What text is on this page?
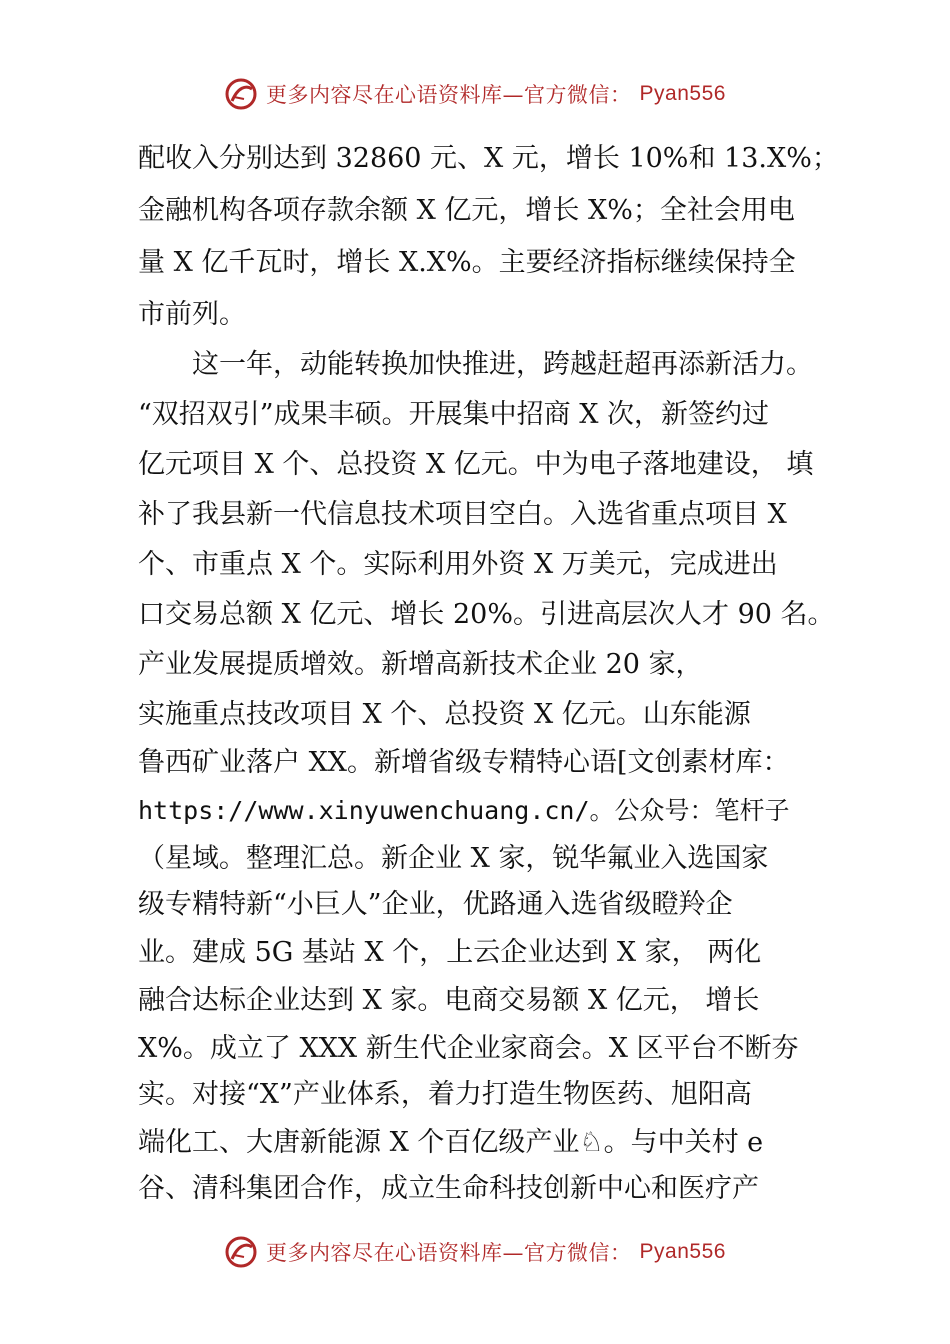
更多内容尽在心语资料库—官方微信： Pyan556
配收入分别达到 32860 元、X 元，增长 10%和 13.X%；
金融机构各项存款余额 X 亿元，增长 X%；全社会用电
量 X 亿千瓦时，增长 X.X%。主要经济指标继续保持全
市前列。
这一年，动能转换加快推进，跨越赶超再添新活力。
“双招双引”成果丰硕。开展集中招商 X 次，新签约过
亿元项目 X 个、总投资 X 亿元。中为电子落地建设， 填
补了我县新一代信息技术项目空白。入选省重点项目 X
个、市重点 X 个。实际利用外资 X 万美元，完成进出
口交易总额 X 亿元、增长 20%。引进高层次人才 90 名。
产业发展提质增效。新增高新技术企业 20 家，
实施重点技改项目 X 个、总投资 X 亿元。山东能源
鲁西矿业落户 XX。新增省级专精特心语[文创素材库：
https://www.xinyuwenchuang.cn/。公众号：笔杆子
（星域。整理汇总。新企业 X 家，锐华氟业入选国家
级专精特新“小巨人”企业，优路通入选省级瞪羚企
业。建成 5G 基站 X 个，上云企业达到 X 家， 两化
融合达标企业达到 X 家。电商交易额 X 亿元， 增长
X%。成立了 XXX 新生代企业家商会。X 区平台不断夯
实。对接“X”产业体系，着力打造生物医药、旭阳高
端化工、大唐新能源 X 个百亿级产业♘。与中关村 e
谷、清科集团合作，成立生命科技创新中心和医疗产
更多内容尽在心语资料库—官方微信： Pyan556
